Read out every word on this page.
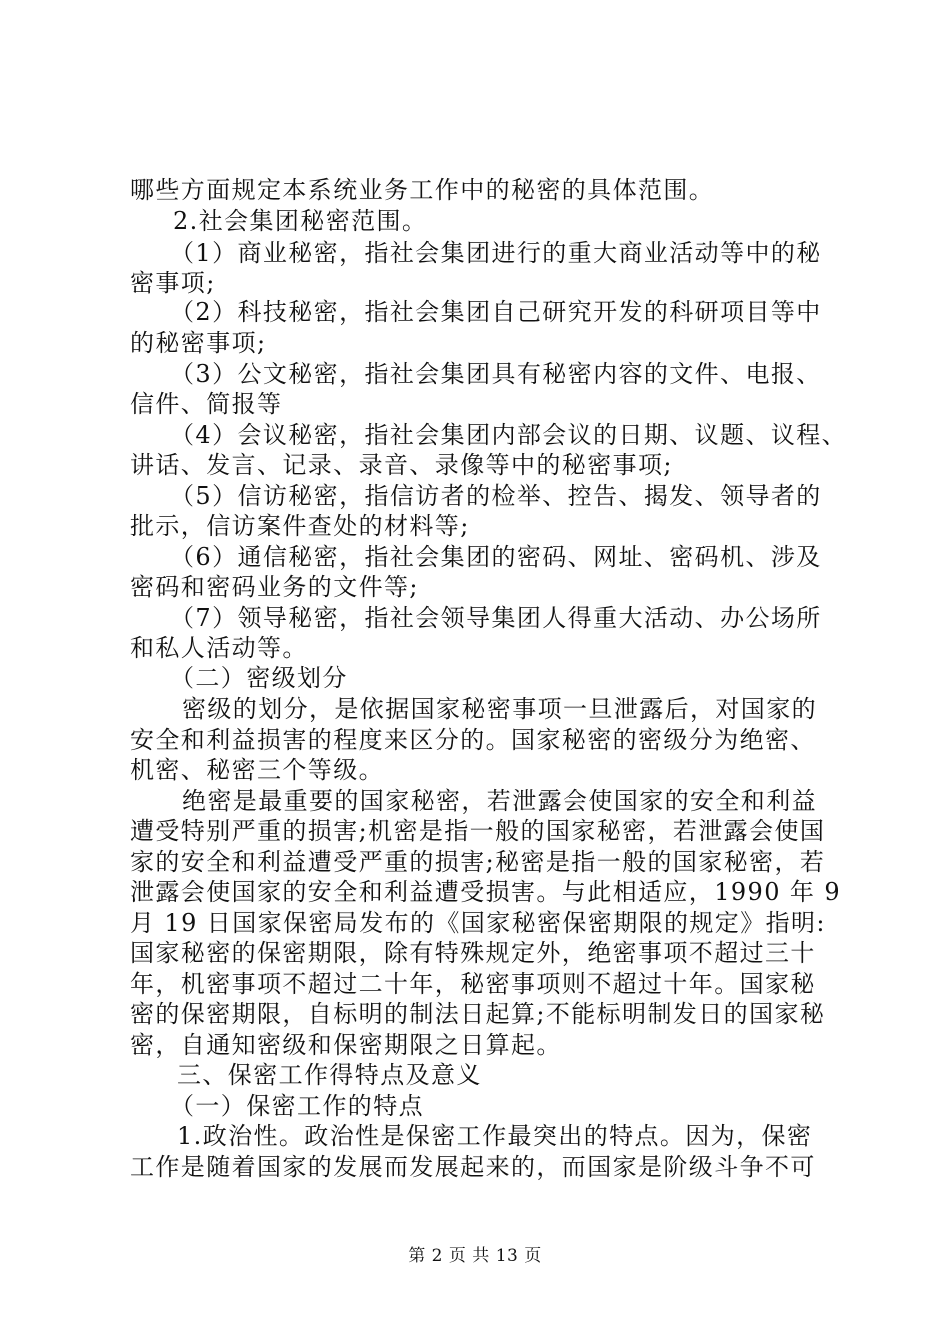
哪些方面规定本系统业务工作中的秘密的具体范围。
2.社会集团秘密范围。
（1）商业秘密，指社会集团进行的重大商业活动等中的秘
密事项;
（2）科技秘密，指社会集团自己研究开发的科研项目等中
的秘密事项;
（3）公文秘密，指社会集团具有秘密内容的文件、电报、
信件、简报等
（4）会议秘密，指社会集团内部会议的日期、议题、议程、
讲话、发言、记录、录音、录像等中的秘密事项;
（5）信访秘密，指信访者的检举、控告、揭发、领导者的
批示，信访案件查处的材料等;
（6）通信秘密，指社会集团的密码、网址、密码机、涉及
密码和密码业务的文件等;
（7）领导秘密，指社会领导集团人得重大活动、办公场所
和私人活动等。
（二）密级划分
密级的划分，是依据国家秘密事项一旦泄露后，对国家的
安全和利益损害的程度来区分的。国家秘密的密级分为绝密、
机密、秘密三个等级。
绝密是最重要的国家秘密，若泄露会使国家的安全和利益
遭受特别严重的损害;机密是指一般的国家秘密，若泄露会使国
家的安全和利益遭受严重的损害;秘密是指一般的国家秘密，若
泄露会使国家的安全和利益遭受损害。与此相适应，1990 年 9
月 19 日国家保密局发布的《国家秘密保密期限的规定》指明:
国家秘密的保密期限，除有特殊规定外，绝密事项不超过三十
年，机密事项不超过二十年，秘密事项则不超过十年。国家秘
密的保密期限，自标明的制法日起算;不能标明制发日的国家秘
密，自通知密级和保密期限之日算起。
三、保密工作得特点及意义
（一）保密工作的特点
1.政治性。政治性是保密工作最突出的特点。因为，保密
工作是随着国家的发展而发展起来的，而国家是阶级斗争不可
第 2 页 共 13 页
